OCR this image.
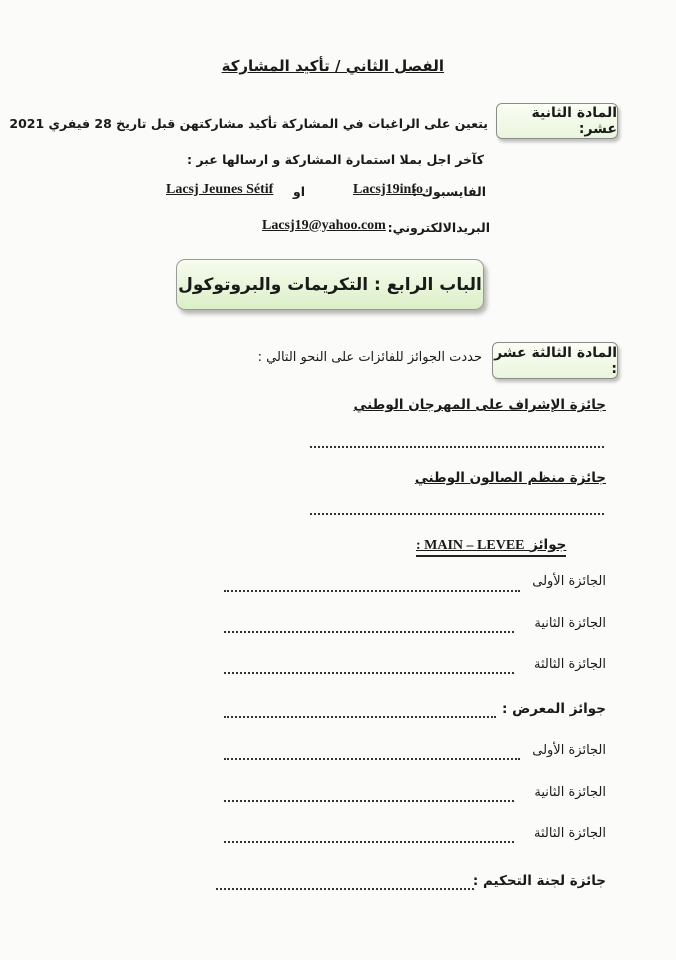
الفصل الثاني / تأكيد المشاركة
المادة الثانية عشر:
يتعين على الراغبات في المشاركة تأكيد مشاركتهن قبل تاريخ 28 فيفري 2021
كآخر اجل بملا استمارة المشاركة و ارسالها عبر :
الفايسبوك :
Lacsj19info
او
Lacsj Jeunes Sétif
البريدالالكتروني:
Lacsj19@yahoo.com
الباب الرابع : التكريمات والبروتوكول
المادة الثالثة عشر :
حددت الجوائز للفائزات على النحو التالي :
جائزة الإشراف على المهرجان الوطني
جائزة منظم الصالون الوطني
: MAIN – LEVEE جوائز
الجائزة الأولى
الجائزة الثانية
الجائزة الثالثة
جوائز المعرض :
الجائزة الأولى
الجائزة الثانية
الجائزة الثالثة
جائزة لجنة التحكيم :
